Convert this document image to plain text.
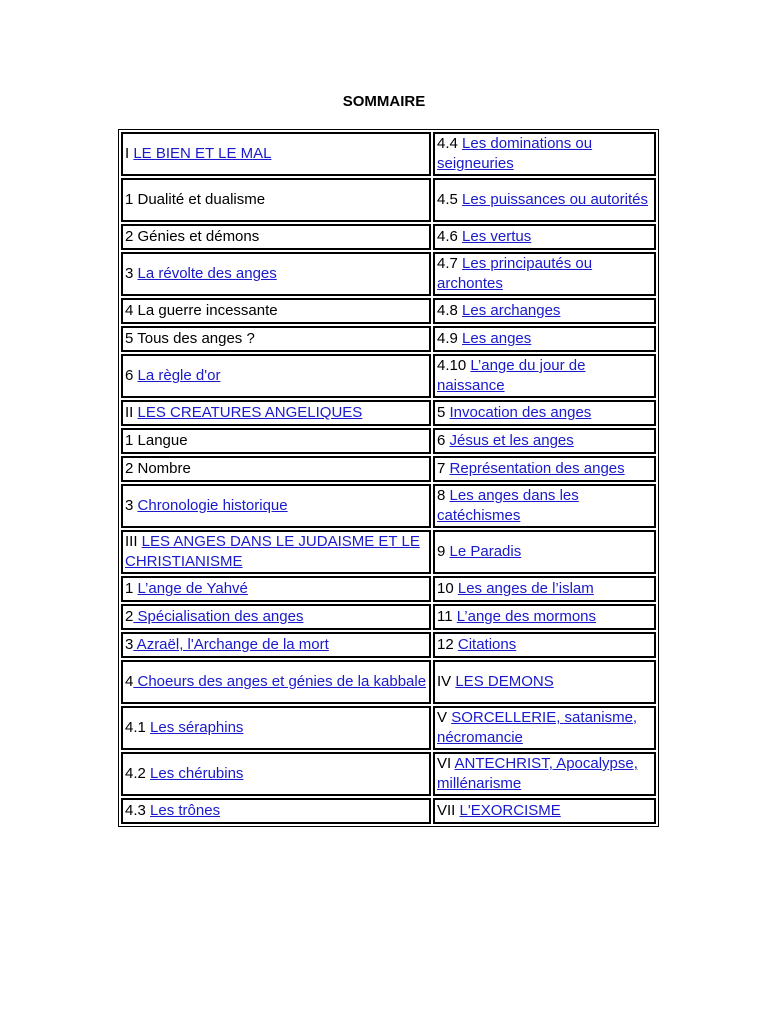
SOMMAIRE
I LE BIEN ET LE MAL	4.4 Les dominations ou seigneuries
1 Dualité et dualisme	4.5 Les puissances ou autorités
2 Génies et démons	4.6 Les vertus
3 La révolte des anges	4.7 Les principautés ou archontes
4 La guerre incessante	4.8 Les archanges
5 Tous des anges ?	4.9 Les anges
6 La règle d'or	4.10 L’ange du jour de naissance
II LES CREATURES ANGELIQUES	5 Invocation des anges
1 Langue	6 Jésus et les anges
2 Nombre	7 Représentation des anges
3 Chronologie historique	8 Les anges dans les catéchismes
III LES ANGES DANS LE JUDAISME ET LE CHRISTIANISME	9 Le Paradis
1 L’ange de Yahvé	10 Les anges de l’islam
2 Spécialisation des anges	11 L’ange des mormons
3 Azraël, l'Archange de la mort	12 Citations
4 Choeurs des anges et génies de la kabbale	IV LES DEMONS
4.1 Les séraphins	V SORCELLERIE, satanisme, nécromancie
4.2 Les chérubins	VI ANTECHRIST, Apocalypse, millénarisme
4.3 Les trônes	VII L'EXORCISME
